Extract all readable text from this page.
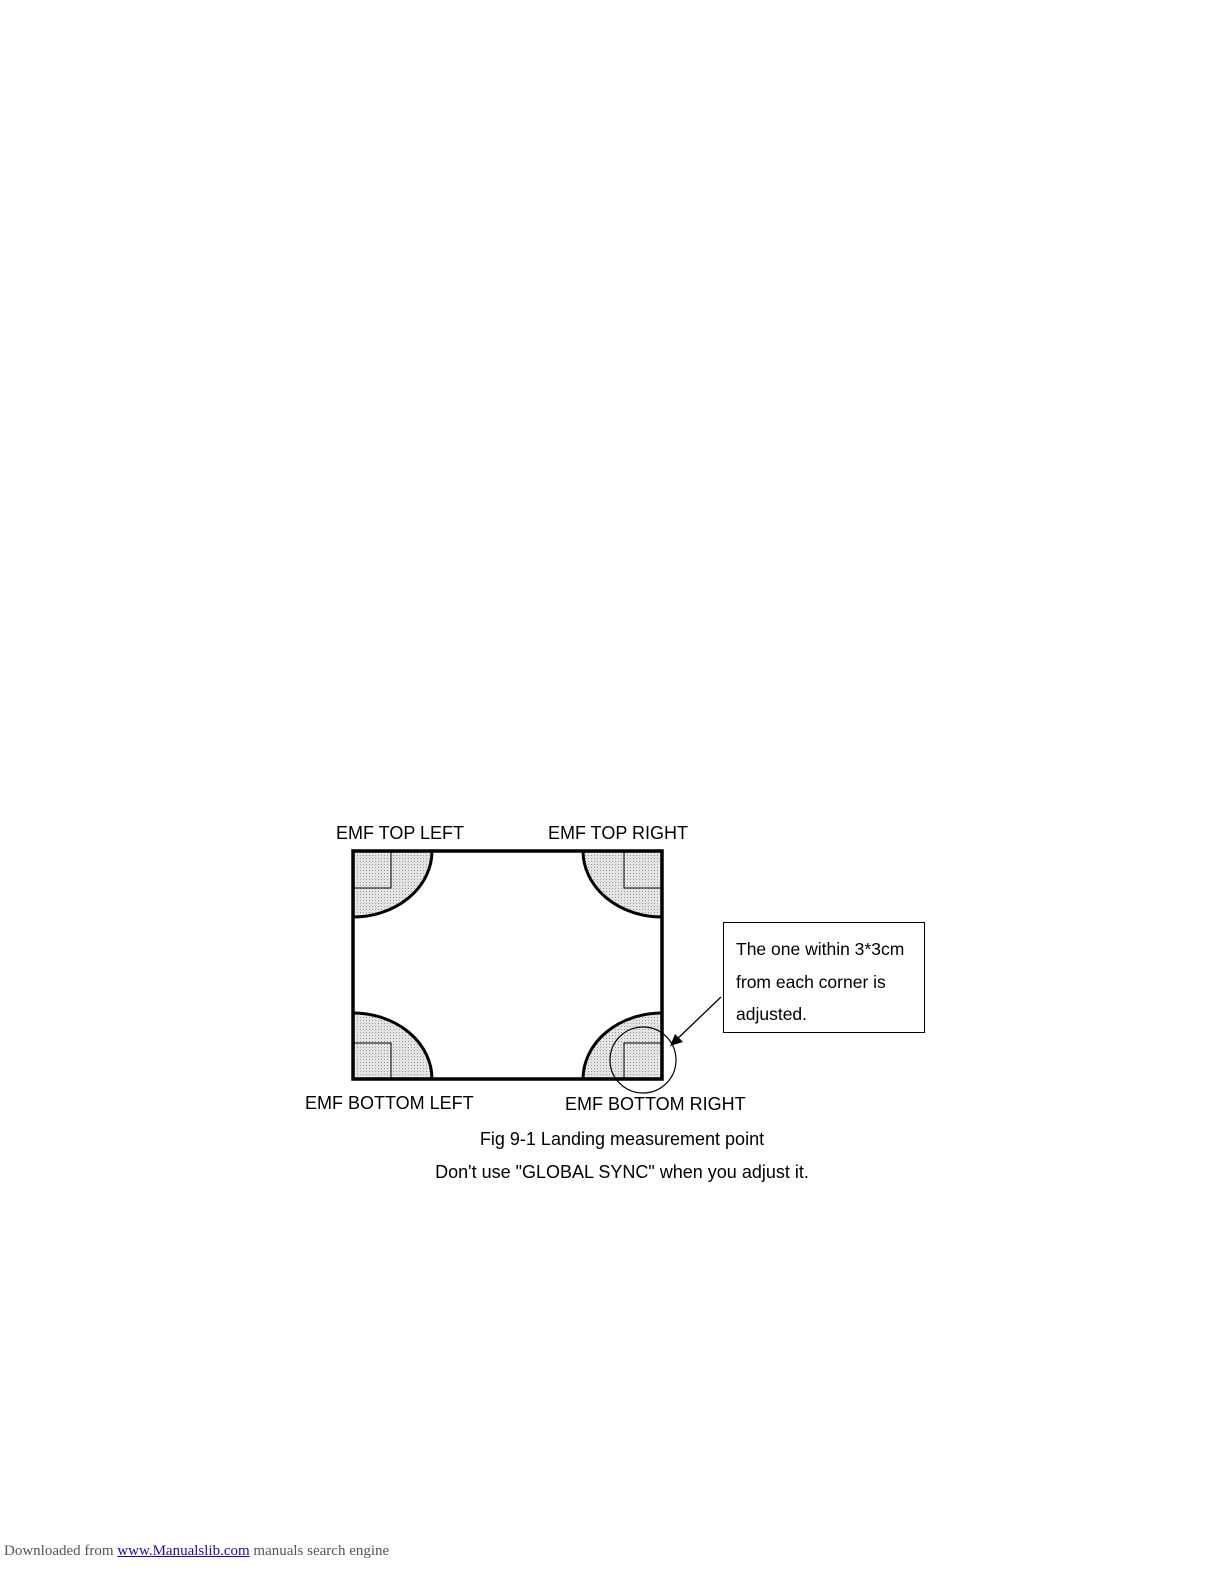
EMF TOP LEFT	EMF TOP RIGHT
EMF BOTTOM LEFT	EMF BOTTOM RIGHT
The one within 3*3cm
from each corner is
adjusted.
Fig 9-1 Landing measurement point
Don't use "GLOBAL SYNC" when you adjust it.
Downloaded from www.Manualslib.com manuals search engine
